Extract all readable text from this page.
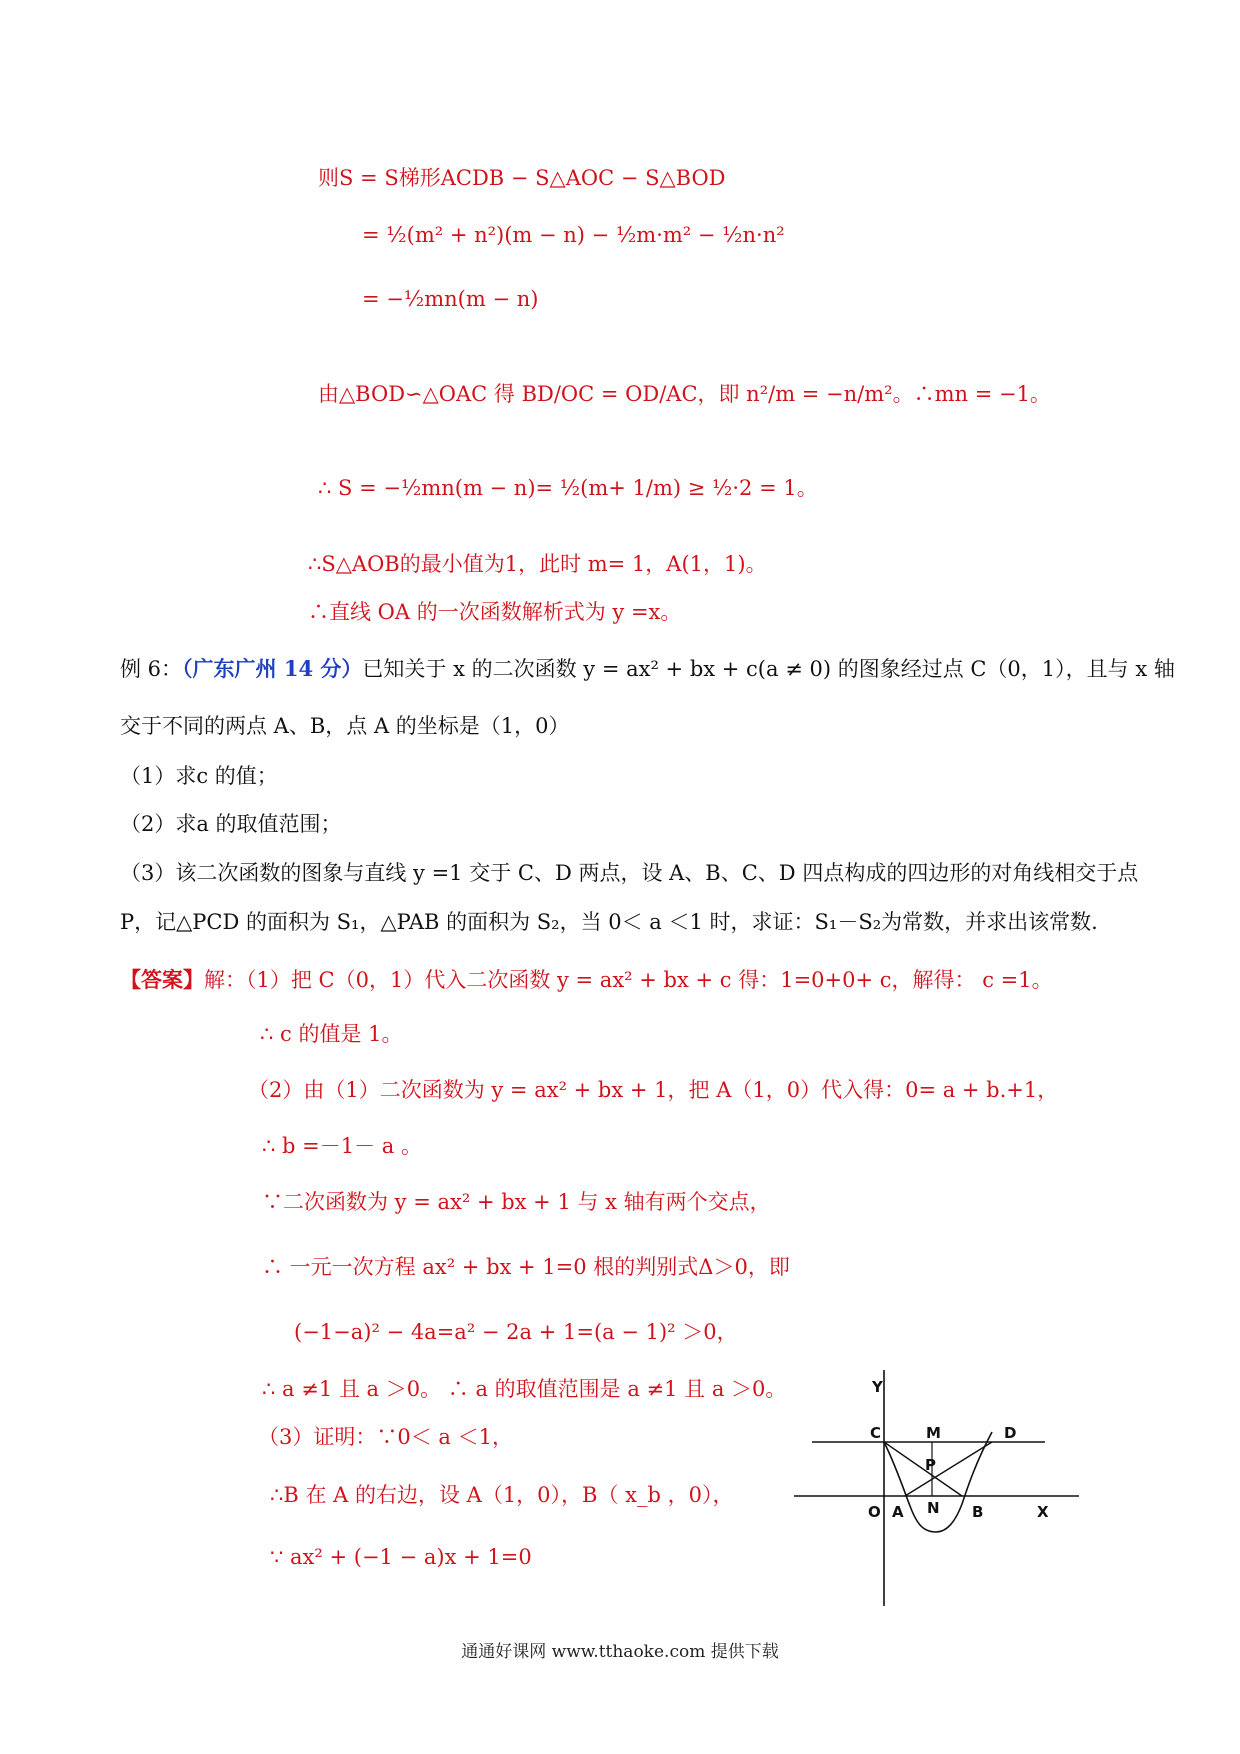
则S = S梯形ACDB − S△AOC − S△BOD
= ½(m² + n²)(m − n) − ½m·m² − ½n·n²
= −½mn(m − n)
由△BOD∽△OAC 得 BD/OC = OD/AC，即 n²/m = −n/m²。∴mn = −1。
∴ S = −½mn(m − n)= ½(m+ 1/m) ≥ ½·2 = 1。
∴S△AOB的最小值为1，此时 m= 1，A(1，1)。
∴直线 OA 的一次函数解析式为 y =x。
例 6：（广东广州 14 分）已知关于 x 的二次函数 y = ax² + bx + c(a ≠ 0) 的图象经过点 C（0，1），且与 x 轴
交于不同的两点 A、B，点 A 的坐标是（1，0）
（1）求c 的值；
（2）求a 的取值范围；
（3）该二次函数的图象与直线 y =1 交于 C、D 两点，设 A、B、C、D 四点构成的四边形的对角线相交于点
P，记△PCD 的面积为 S₁，△PAB 的面积为 S₂，当 0＜ a ＜1 时，求证：S₁－S₂为常数，并求出该常数.
【答案】解：（1）把 C（0，1）代入二次函数 y = ax² + bx + c 得：1=0+0+ c，解得： c =1。
∴ c 的值是 1。
（2）由（1）二次函数为 y = ax² + bx + 1，把 A（1，0）代入得：0= a + b.+1，
∴ b =－1－ a 。
∵二次函数为 y = ax² + bx + 1 与 x 轴有两个交点，
∴ 一元一次方程 ax² + bx + 1=0 根的判别式Δ＞0，即
(−1−a)² − 4a=a² − 2a + 1=(a − 1)² ＞0，
∴ a ≠1 且 a ＞0。 ∴ a 的取值范围是 a ≠1 且 a ＞0。
（3）证明：∵0＜ a ＜1，
∴B 在 A 的右边，设 A（1，0），B（ x_b ，0），
∵ ax² + (−1 − a)x + 1=0
Y
C	M	D
P
O A N B	X
通通好课网 www.tthaoke.com 提供下载
